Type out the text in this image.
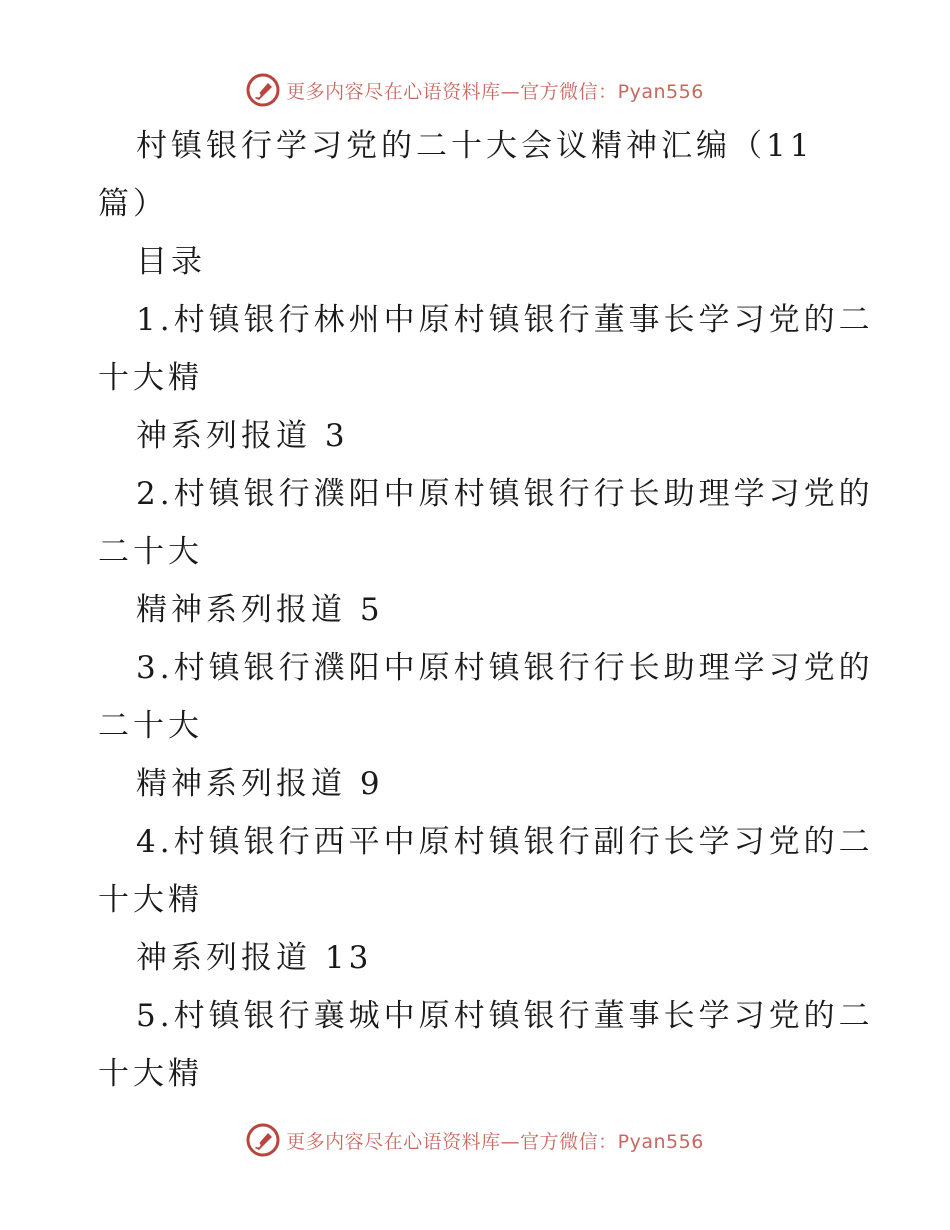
更多内容尽在心语资料库—官方微信：Pyan556
村镇银行学习党的二十大会议精神汇编（11
篇）
目录
1.村镇银行林州中原村镇银行董事长学习党的二
十大精
神系列报道 3
2.村镇银行濮阳中原村镇银行行长助理学习党的
二十大
精神系列报道 5
3.村镇银行濮阳中原村镇银行行长助理学习党的
二十大
精神系列报道 9
4.村镇银行西平中原村镇银行副行长学习党的二
十大精
神系列报道 13
5.村镇银行襄城中原村镇银行董事长学习党的二
十大精
更多内容尽在心语资料库—官方微信：Pyan556
